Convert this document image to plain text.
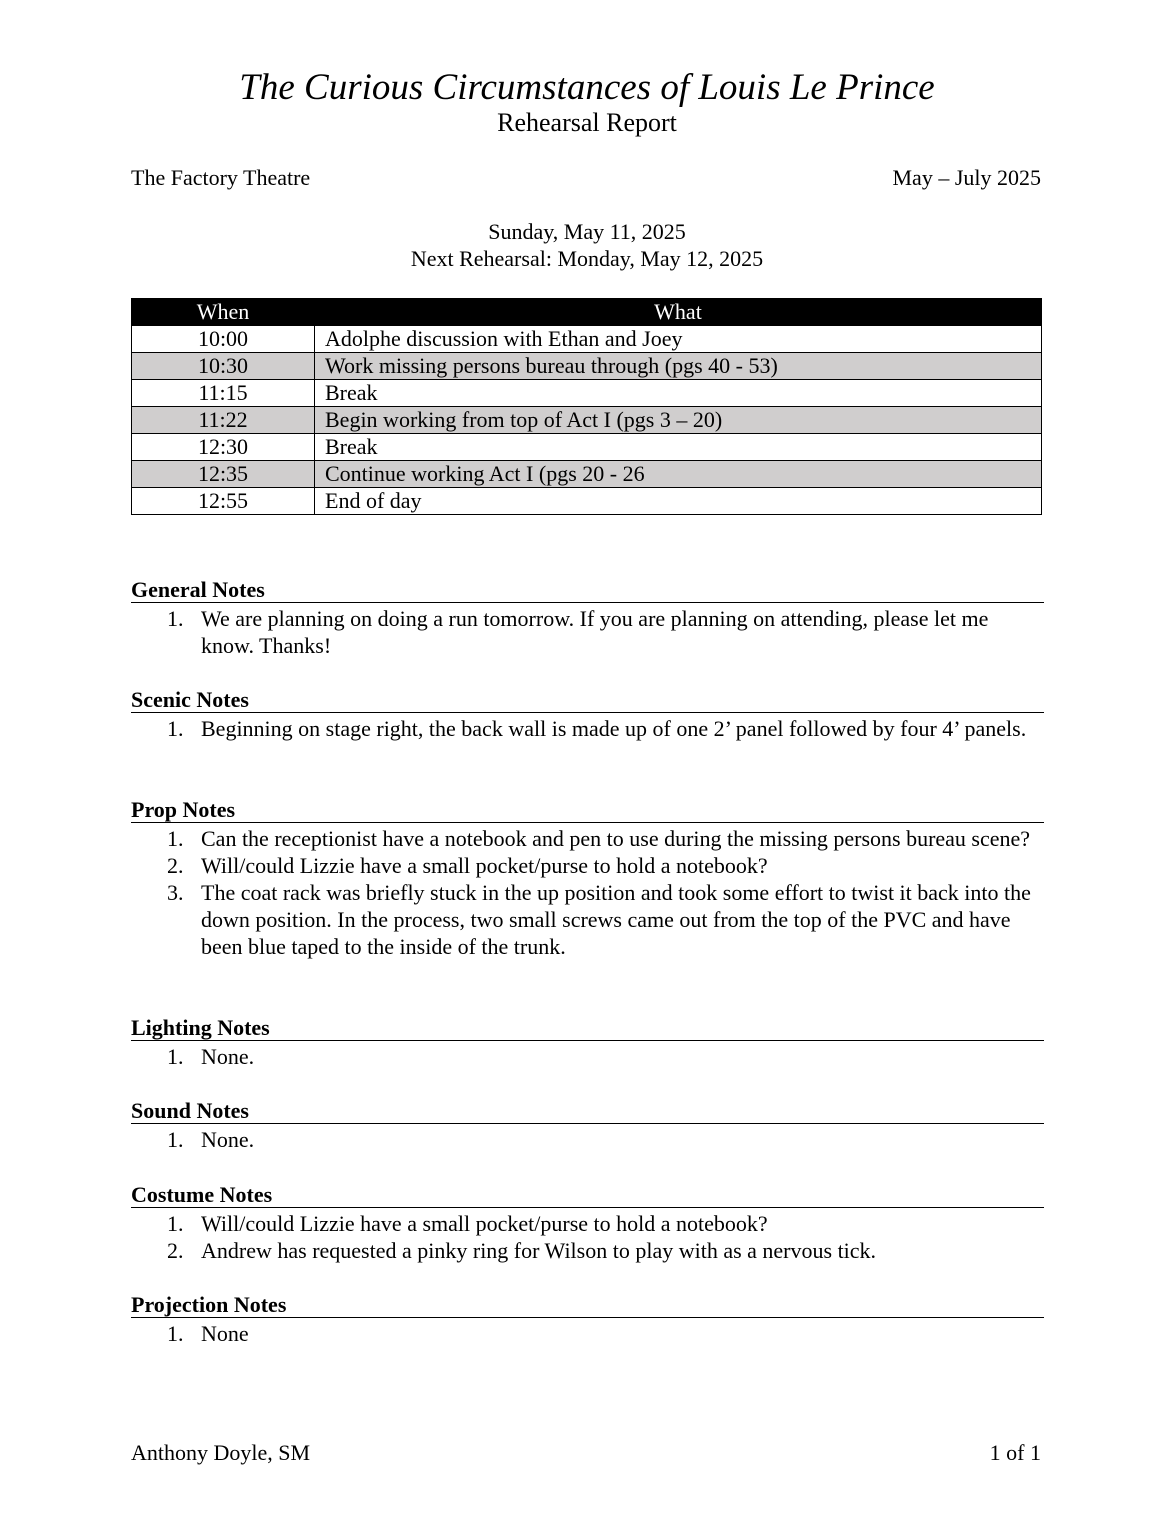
The Curious Circumstances of Louis Le Prince
Rehearsal Report
The Factory Theatre	May – July 2025
Sunday, May 11, 2025
Next Rehearsal: Monday, May 12, 2025
When	What
10:00	Adolphe discussion with Ethan and Joey
10:30	Work missing persons bureau through (pgs 40 - 53)
11:15	Break
11:22	Begin working from top of Act I (pgs 3 – 20)
12:30	Break
12:35	Continue working Act I (pgs 20 - 26
12:55	End of day
General Notes
1. We are planning on doing a run tomorrow. If you are planning on attending, please let me know. Thanks!
Scenic Notes
1. Beginning on stage right, the back wall is made up of one 2’ panel followed by four 4’ panels.
Prop Notes
1. Can the receptionist have a notebook and pen to use during the missing persons bureau scene?
2. Will/could Lizzie have a small pocket/purse to hold a notebook?
3. The coat rack was briefly stuck in the up position and took some effort to twist it back into the down position. In the process, two small screws came out from the top of the PVC and have been blue taped to the inside of the trunk.
Lighting Notes
1. None.
Sound Notes
1. None.
Costume Notes
1. Will/could Lizzie have a small pocket/purse to hold a notebook?
2. Andrew has requested a pinky ring for Wilson to play with as a nervous tick.
Projection Notes
1. None
Anthony Doyle, SM	1 of 1
